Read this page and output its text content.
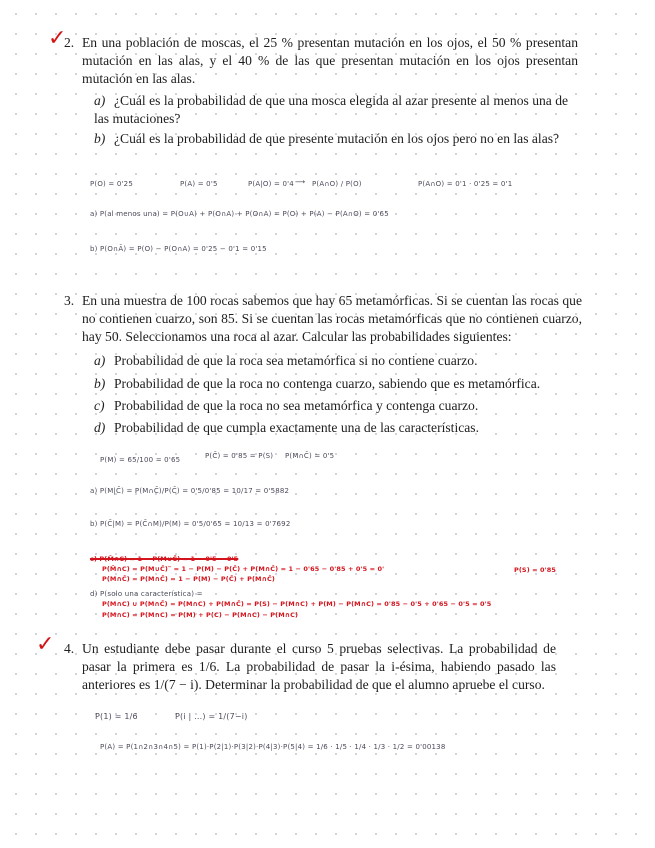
✓
2. En una población de moscas, el 25 % presentan mutación en los ojos, el 50 % presentan mutación en las alas, y el 40 % de las que presentan mutación en los ojos presentan mutación en las alas.
a) ¿Cuál es la probabilidad de que una mosca elegida al azar presente al menos una de las mutaciones?
b) ¿Cuál es la probabilidad de que presente mutación en los ojos pero no en las alas?
P(O) = 0'25	P(A) = 0'5	P(A|O) = 0'4 ⟶ P(A∩O) / P(O)	P(A∩O) = 0'1 · 0'25 = 0'1
a) P(al menos una) = P(O∪A) + P(O∩A) + P(O∩A) = P(O) + P(A) − P(A∩O) = 0'65
b) P(O∩Ā) = P(O) − P(O∩A) = 0'25 − 0'1 = 0'15
3. En una muestra de 100 rocas sabemos que hay 65 metamórficas. Si se cuentan las rocas que no contienen cuarzo, son 85. Si se cuentan las rocas metamórficas que no contienen cuarzo, hay 50. Seleccionamos una roca al azar. Calcular las probabilidades siguientes:
a) Probabilidad de que la roca sea metamórfica si no contiene cuarzo.
b) Probabilidad de que la roca no contenga cuarzo, sabiendo que es metamórfica.
c) Probabilidad de que la roca no sea metamórfica y contenga cuarzo.
d) Probabilidad de que cumpla exactamente una de las características.
P(M) = 65/100 = 0'65	P(C̄) = 0'85 = P(S) P(M∩C̄) = 0'5
a) P(M|C̄) = P(M∩C̄)/P(C̄) = 0'5/0'85 = 10/17 = 0'5882
b) P(C̄|M) = P(C̄∩M)/P(M) = 0'5/0'65 = 10/13 = 0'7692
c) P(M̄∩C) = 1 − P(M∪C̄) = 1 − 0'5 − 0'5
P(M̄∩C) = P(M∪C̄)‾ = 1 − P(M) − P(C̄) + P(M∩C̄) = 1 − 0'65 − 0'85 + 0'5 = 0'
P(M∩C̄) = P(M∩C̄) = 1 − P(M) − P(C̄) + P(M∩C̄)
P(S) = 0'85
d) P(solo una característica) =
P(M∩C) ∪ P(M∩C̄) = P(M∩C) + P(M∩C̄) = P(S) − P(M∩C) + P(M) − P(M∩C) = 0'85 − 0'5 + 0'65 − 0'5 = 0'5
P(M∩C) = P(M∩C) = P(M) + P(C) − P(M∩C) − P(M∩C)
✓ 4. Un estudiante debe pasar durante el curso 5 pruebas selectivas. La probabilidad de pasar la primera es 1/6. La probabilidad de pasar la i-ésima, habiendo pasado las anteriores es 1/(7 − i). Determinar la probabilidad de que el alumno apruebe el curso.
P(1) = 1/6	P(i | ...) = 1/(7−i)
P(A) = P(1∩2∩3∩4∩5) = P(1)·P(2|1)·P(3|2)·P(4|3)·P(5|4) = 1/6 · 1/5 · 1/4 · 1/3 · 1/2 = 0'00138
